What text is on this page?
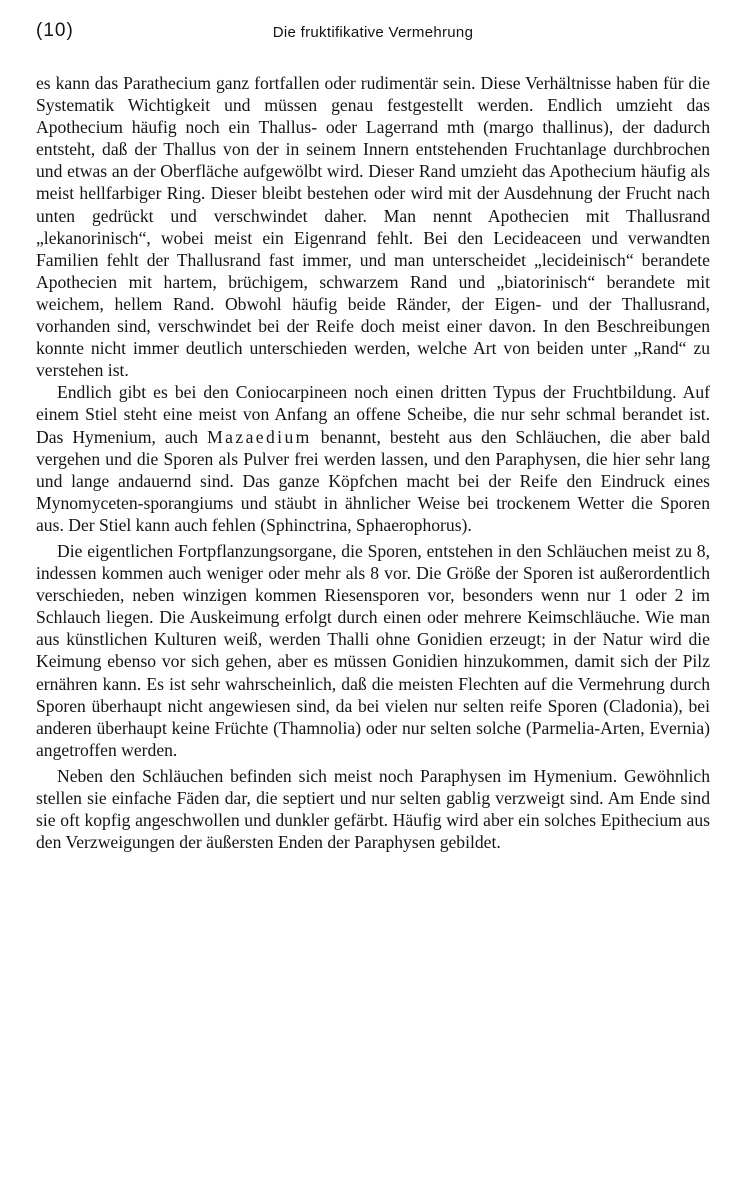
(10)	Die fruktifikative Vermehrung

es kann das Parathecium ganz fortfallen oder rudimentär sein. Diese Verhältnisse haben für die Systematik Wichtigkeit und müssen genau festgestellt werden. Endlich umzieht das Apothecium häufig noch ein Thallus- oder Lagerrand mth (margo thallinus), der dadurch entsteht, daß der Thallus von der in seinem Innern entstehenden Fruchtanlage durchbrochen und etwas an der Oberfläche aufgewölbt wird. Dieser Rand umzieht das Apothecium häufig als meist hellfarbiger Ring. Dieser bleibt bestehen oder wird mit der Ausdehnung der Frucht nach unten gedrückt und verschwindet daher. Man nennt Apothecien mit Thallusrand „lekanorinisch“, wobei meist ein Eigenrand fehlt. Bei den Lecideaceen und verwandten Familien fehlt der Thallusrand fast immer, und man unterscheidet „lecideinisch“ berandete Apothecien mit hartem, brüchigem, schwarzem Rand und „biatorinisch“ berandete mit weichem, hellem Rand. Obwohl häufig beide Ränder, der Eigen- und der Thallusrand, vorhanden sind, verschwindet bei der Reife doch meist einer davon. In den Beschreibungen konnte nicht immer deutlich unterschieden werden, welche Art von beiden unter „Rand“ zu verstehen ist.

Endlich gibt es bei den Coniocarpineen noch einen dritten Typus der Fruchtbildung. Auf einem Stiel steht eine meist von Anfang an offene Scheibe, die nur sehr schmal berandet ist. Das Hymenium, auch Mazaedium benannt, besteht aus den Schläuchen, die aber bald vergehen und die Sporen als Pulver frei werden lassen, und den Paraphysen, die hier sehr lang und lange andauernd sind. Das ganze Köpfchen macht bei der Reife den Eindruck eines Mynomyceten-sporangiums und stäubt in ähnlicher Weise bei trockenem Wetter die Sporen aus. Der Stiel kann auch fehlen (Sphinctrina, Sphaerophorus).

Die eigentlichen Fortpflanzungsorgane, die Sporen, entstehen in den Schläuchen meist zu 8, indessen kommen auch weniger oder mehr als 8 vor. Die Größe der Sporen ist außerordentlich verschieden, neben winzigen kommen Riesensporen vor, besonders wenn nur 1 oder 2 im Schlauch liegen. Die Auskeimung erfolgt durch einen oder mehrere Keimschläuche. Wie man aus künstlichen Kulturen weiß, werden Thalli ohne Gonidien erzeugt; in der Natur wird die Keimung ebenso vor sich gehen, aber es müssen Gonidien hinzukommen, damit sich der Pilz ernähren kann. Es ist sehr wahrscheinlich, daß die meisten Flechten auf die Vermehrung durch Sporen überhaupt nicht angewiesen sind, da bei vielen nur selten reife Sporen (Cladonia), bei anderen überhaupt keine Früchte (Thamnolia) oder nur selten solche (Parmelia-Arten, Evernia) angetroffen werden.

Neben den Schläuchen befinden sich meist noch Paraphysen im Hymenium. Gewöhnlich stellen sie einfache Fäden dar, die septiert und nur selten gablig verzweigt sind. Am Ende sind sie oft kopfig angeschwollen und dunkler gefärbt. Häufig wird aber ein solches Epithecium aus den Verzweigungen der äußersten Enden der Paraphysen gebildet.
